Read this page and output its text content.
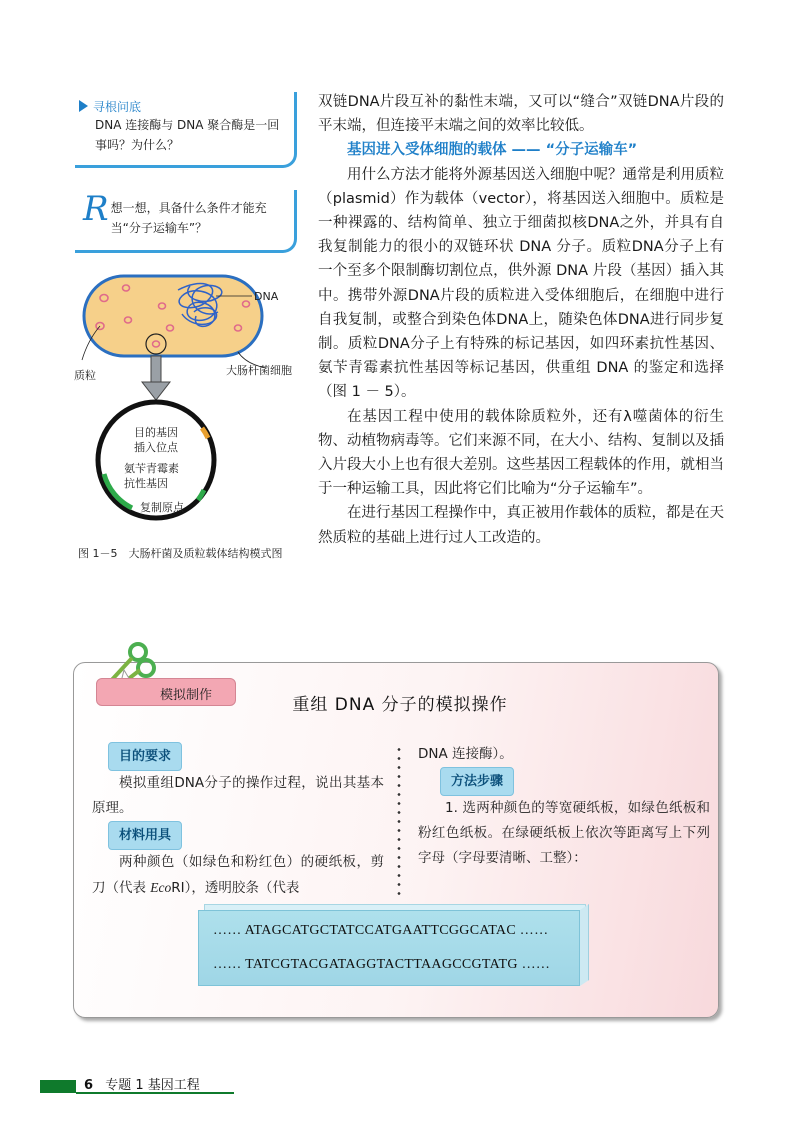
寻根问底
DNA 连接酶与 DNA 聚合酶是一回事吗？为什么？
R 想一想，具备什么条件才能充当“分子运输车”？
DNA
大肠杆菌细胞
质粒
目的基因
插入位点
氨苄青霉素
抗性基因
复制原点
图 1－5　大肠杆菌及质粒载体结构模式图

双链DNA片段互补的黏性末端，又可以“缝合”双链DNA片段的平末端，但连接平末端之间的效率比较低。

基因进入受体细胞的载体 —— “分子运输车”

用什么方法才能将外源基因送入细胞中呢？通常是利用质粒（plasmid）作为载体（vector），将基因送入细胞中。质粒是一种裸露的、结构简单、独立于细菌拟核DNA之外，并具有自我复制能力的很小的双链环状 DNA 分子。质粒DNA分子上有一个至多个限制酶切割位点，供外源 DNA 片段（基因）插入其中。携带外源DNA片段的质粒进入受体细胞后，在细胞中进行自我复制，或整合到染色体DNA上，随染色体DNA进行同步复制。质粒DNA分子上有特殊的标记基因，如四环素抗性基因、氨苄青霉素抗性基因等标记基因，供重组 DNA 的鉴定和选择（图 1 － 5）。

在基因工程中使用的载体除质粒外，还有λ噬菌体的衍生物、动植物病毒等。它们来源不同，在大小、结构、复制以及插入片段大小上也有很大差别。这些基因工程载体的作用，就相当于一种运输工具，因此将它们比喻为“分子运输车”。

在进行基因工程操作中，真正被用作载体的质粒，都是在天然质粒的基础上进行过人工改造的。

模拟制作	重组 DNA 分子的模拟操作
目的要求

模拟重组DNA分子的操作过程，说出其基本原理。

材料用具

两种颜色（如绿色和粉红色）的硬纸板，剪刀（代表 EcoRI），透明胶条（代表

DNA 连接酶）。

方法步骤

1. 选两种颜色的等宽硬纸板，如绿色纸板和粉红色纸板。在绿硬纸板上依次等距离写上下列字母（字母要清晰、工整）：

…… ATAGCATGCTATCCATGAATTCGGCATAC ……
…… TATCGTACGATAGGTACTTAAGCCGTATG ……
6 专题 1 基因工程
